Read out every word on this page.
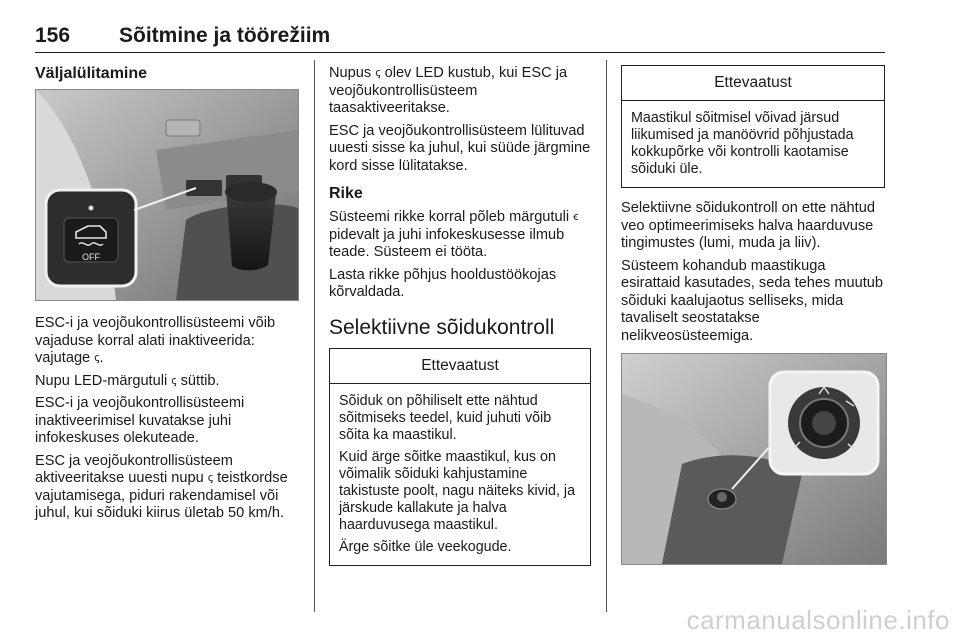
156 Sõitmine ja töörežiim
Väljalülitamine
OFF

ESC-i ja veojõukontrollisüsteemi võib vajaduse korral alati inaktiveerida: vajutage ꞔ.

Nupu LED-märgutuli ꞔ süttib.

ESC-i ja veojõukontrollisüsteemi inaktiveerimisel kuvatakse juhi infokeskuses olekuteade.

ESC ja veojõukontrollisüsteem aktiveeritakse uuesti nupu ꞔ teistkordse vajutamisega, piduri rakendamisel või juhul, kui sõiduki kiirus ületab 50 km/h.

Nupus ꞔ olev LED kustub, kui ESC ja veojõukontrollisüsteem taasaktiveeritakse.

ESC ja veojõukontrollisüsteem lülituvad uuesti sisse ka juhul, kui süüde järgmine kord sisse lülitatakse.

Rike

Süsteemi rikke korral põleb märgutuli ꞓ pidevalt ja juhi infokeskusesse ilmub teade. Süsteem ei tööta.

Lasta rikke põhjus hooldustöökojas kõrvaldada.

Selektiivne sõidukontroll
Ettevaatust

Sõiduk on põhiliselt ette nähtud sõitmiseks teedel, kuid juhuti võib sõita ka maastikul.

Kuid ärge sõitke maastikul, kus on võimalik sõiduki kahjustamine takistuste poolt, nagu näiteks kivid, ja järskude kallakute ja halva haarduvusega maastikul.

Ärge sõitke üle veekogude.

Ettevaatust

Maastikul sõitmisel võivad järsud liikumised ja manöövrid põhjustada kokkupõrke või kontrolli kaotamise sõiduki üle.

Selektiivne sõidukontroll on ette nähtud veo optimeerimiseks halva haarduvuse tingimustes (lumi, muda ja liiv).

Süsteem kohandub maastikuga esirattaid kasutades, seda tehes muutub sõiduki kaalujaotus selliseks, mida tavaliselt seostatakse nelikveosüsteemiga.

carmanualsonline.info
